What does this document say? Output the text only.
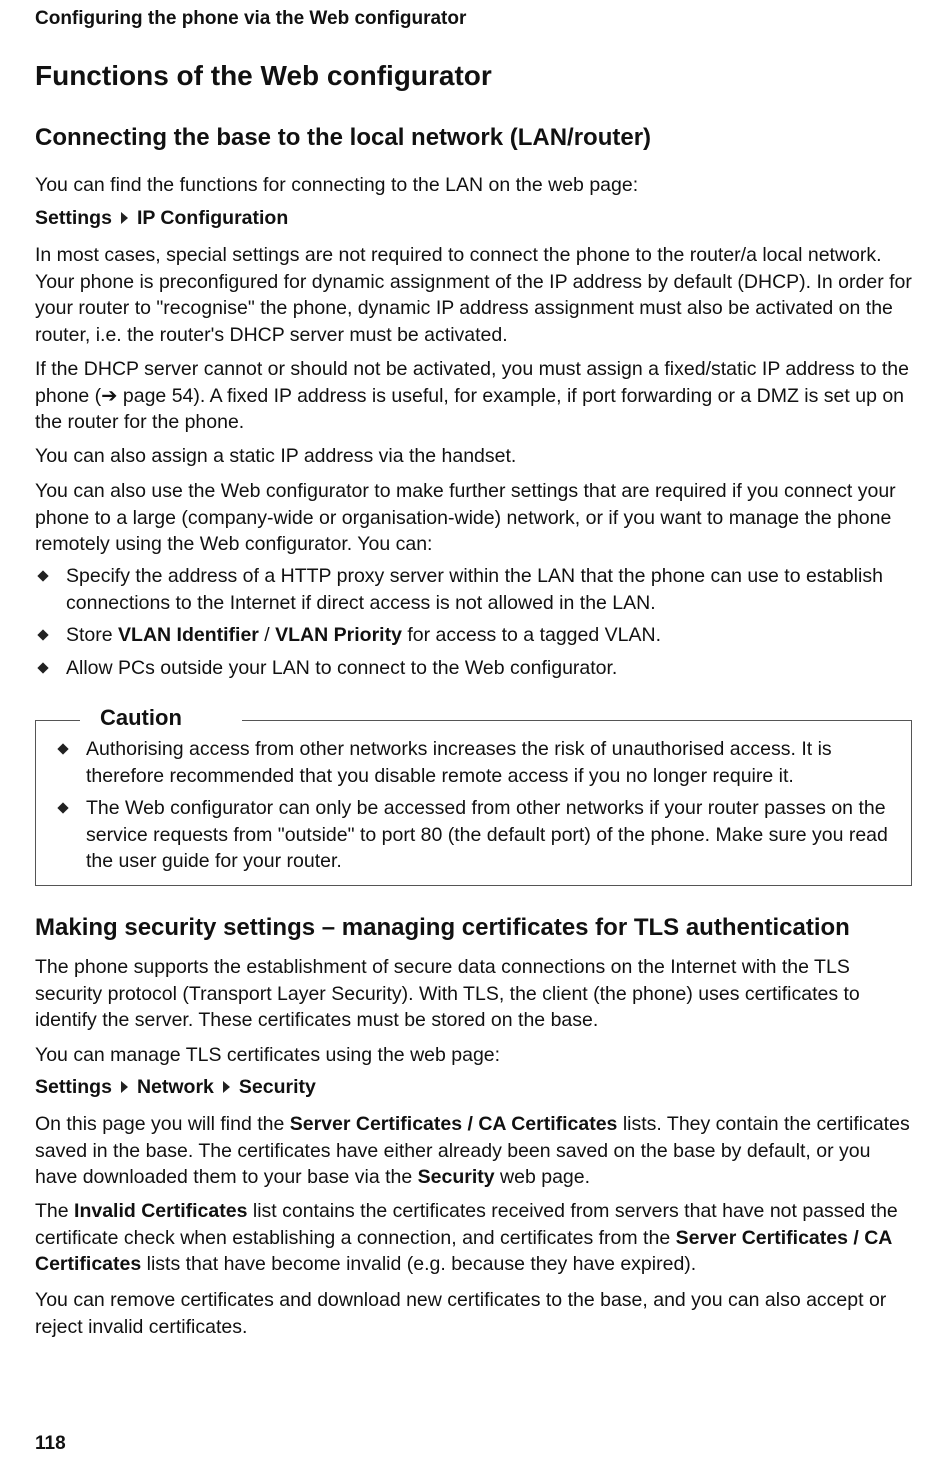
Configuring the phone via the Web configurator
Functions of the Web configurator
Connecting the base to the local network (LAN/router)

You can find the functions for connecting to the LAN on the web page:

Settings IP Configuration

In most cases, special settings are not required to connect the phone to the router/a local network. Your phone is preconfigured for dynamic assignment of the IP address by default (DHCP). In order for your router to "recognise" the phone, dynamic IP address assignment must also be activated on the router, i.e. the router's DHCP server must be activated.

If the DHCP server cannot or should not be activated, you must assign a fixed/static IP address to the phone (➔ page 54). A fixed IP address is useful, for example, if port forwarding or a DMZ is set up on the router for the phone.

You can also assign a static IP address via the handset.

You can also use the Web configurator to make further settings that are required if you connect your phone to a large (company-wide or organisation-wide) network, or if you want to manage the phone remotely using the Web configurator. You can:

Specify the address of a HTTP proxy server within the LAN that the phone can use to establish connections to the Internet if direct access is not allowed in the LAN.
Store VLAN Identifier / VLAN Priority for access to a tagged VLAN.
Allow PCs outside your LAN to connect to the Web configurator.
Caution
Authorising access from other networks increases the risk of unauthorised access. It is therefore recommended that you disable remote access if you no longer require it.
The Web configurator can only be accessed from other networks if your router passes on the service requests from "outside" to port 80 (the default port) of the phone. Make sure you read the user guide for your router.
Making security settings – managing certificates for TLS authentication

The phone supports the establishment of secure data connections on the Internet with the TLS security protocol (Transport Layer Security). With TLS, the client (the phone) uses certificates to identify the server. These certificates must be stored on the base.

You can manage TLS certificates using the web page:

Settings Network Security

On this page you will find the Server Certificates / CA Certificates lists. They contain the certificates saved in the base. The certificates have either already been saved on the base by default, or you have downloaded them to your base via the Security web page.

The Invalid Certificates list contains the certificates received from servers that have not passed the certificate check when establishing a connection, and certificates from the Server Certificates / CA Certificates lists that have become invalid (e.g. because they have expired).

You can remove certificates and download new certificates to the base, and you can also accept or reject invalid certificates.

118
